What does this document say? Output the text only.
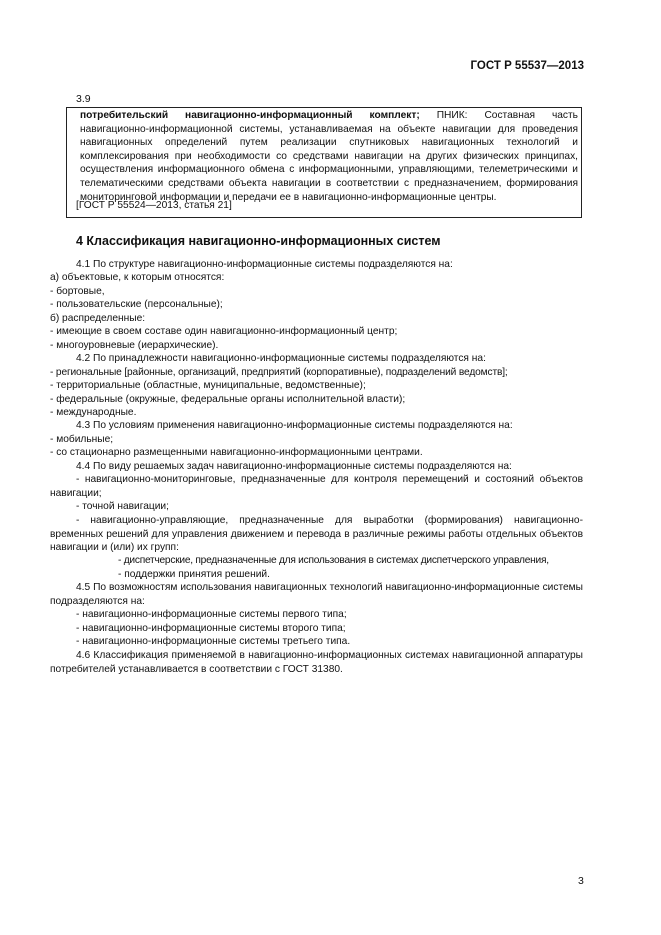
ГОСТ Р 55537—2013
3.9
потребительский навигационно-информационный комплект; ПНИК: Составная часть навигационно-информационной системы, устанавливаемая на объекте навигации для проведения навигационных определений путем реализации спутниковых навигационных технологий и комплексирования при необходимости со средствами навигации на других физических принципах, осуществления информационного обмена с информационными, управляющими, телеметрическими и телематическими средствами объекта навигации в соответствии с предназначением, формирования мониторинговой информации и передачи ее в навигационно-информационные центры.
[ГОСТ Р 55524—2013, статья 21]
4 Классификация навигационно-информационных систем
4.1 По структуре навигационно-информационные системы подразделяются на:
а) объектовые, к которым относятся:
- бортовые,
- пользовательские (персональные);
б) распределенные:
- имеющие в своем составе один навигационно-информационный центр;
- многоуровневые (иерархические).
4.2 По принадлежности навигационно-информационные системы подразделяются на:
- региональные [районные, организаций, предприятий (корпоративные), подразделений ведомств];
- территориальные (областные, муниципальные, ведомственные);
- федеральные (окружные, федеральные органы исполнительной власти);
- международные.
4.3 По условиям применения навигационно-информационные системы подразделяются на:
- мобильные;
- со стационарно размещенными навигационно-информационными центрами.
4.4 По виду решаемых задач навигационно-информационные системы подразделяются на:
- навигационно-мониторинговые, предназначенные для контроля перемещений и состояний объектов навигации;
- точной навигации;
- навигационно-управляющие, предназначенные для выработки (формирования) навигационно-временных решений для управления движением и перевода в различные режимы работы отдельных объектов навигации и (или) их групп:
- диспетчерские, предназначенные для использования в системах диспетчерского управления,
- поддержки принятия решений.
4.5 По возможностям использования навигационных технологий навигационно-информационные системы подразделяются на:
- навигационно-информационные системы первого типа;
- навигационно-информационные системы второго типа;
- навигационно-информационные системы третьего типа.
4.6 Классификация применяемой в навигационно-информационных системах навигационной аппаратуры потребителей устанавливается в соответствии с ГОСТ 31380.
3
